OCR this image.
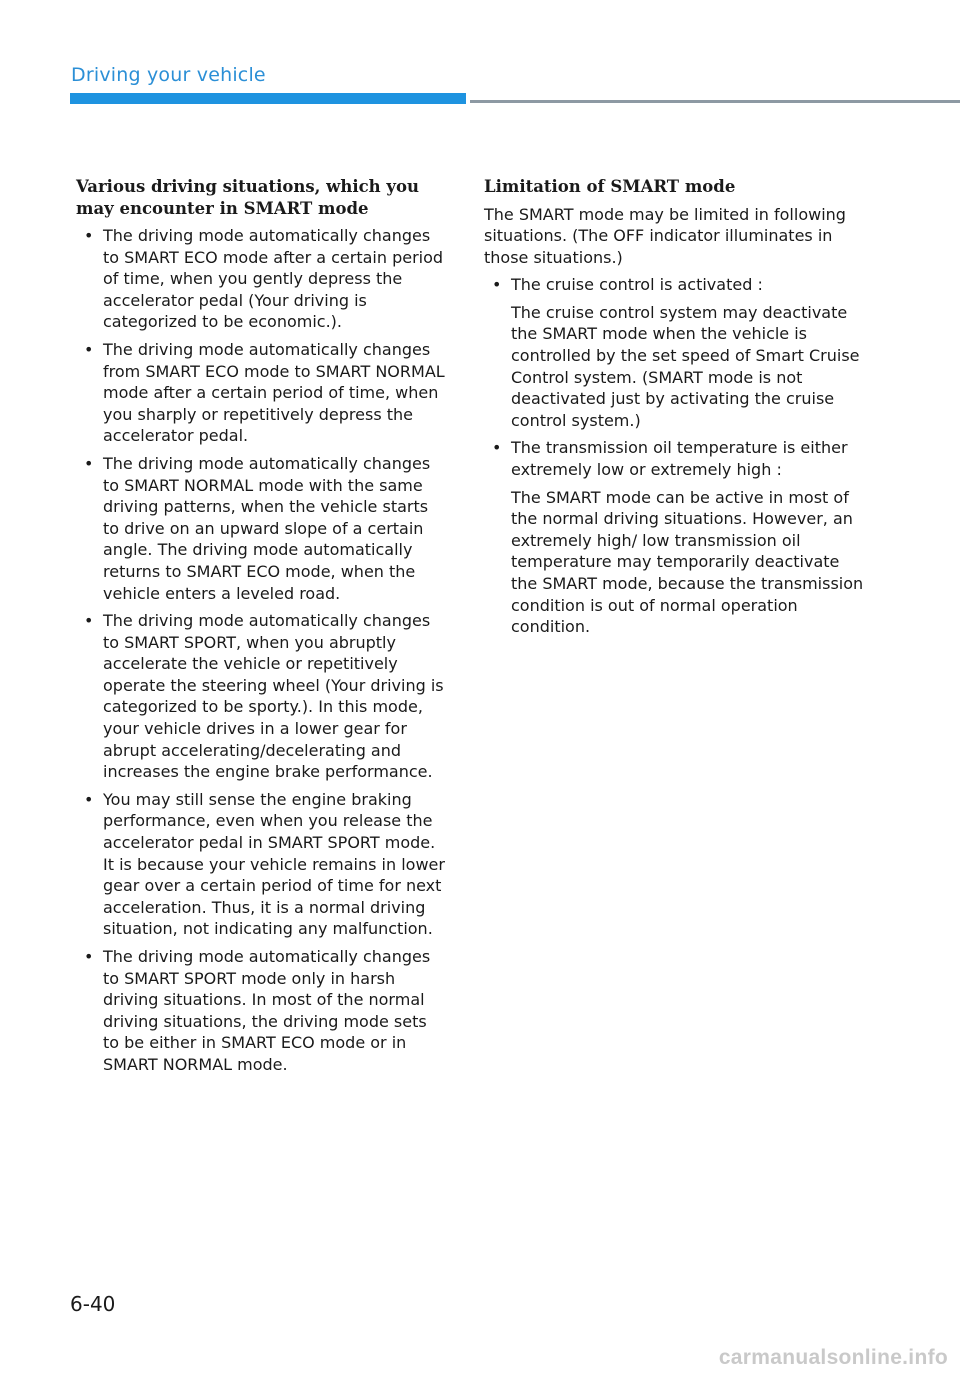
Driving your vehicle
Various driving situations, which you may encounter in SMART mode
• The driving mode automatically changes to SMART ECO mode after a certain period of time, when you gently depress the accelerator pedal (Your driving is categorized to be economic.).
• The driving mode automatically changes from SMART ECO mode to SMART NORMAL mode after a certain period of time, when you sharply or repetitively depress the accelerator pedal.
• The driving mode automatically changes to SMART NORMAL mode with the same driving patterns, when the vehicle starts to drive on an upward slope of a certain angle. The driving mode automatically returns to SMART ECO mode, when the vehicle enters a leveled road.
• The driving mode automatically changes to SMART SPORT, when you abruptly accelerate the vehicle or repetitively operate the steering wheel (Your driving is categorized to be sporty.). In this mode, your vehicle drives in a lower gear for abrupt accelerating/decelerating and increases the engine brake performance.
• You may still sense the engine braking performance, even when you release the accelerator pedal in SMART SPORT mode. It is because your vehicle remains in lower gear over a certain period of time for next acceleration. Thus, it is a normal driving situation, not indicating any malfunction.
• The driving mode automatically changes to SMART SPORT mode only in harsh driving situations. In most of the normal driving situations, the driving mode sets to be either in SMART ECO mode or in SMART NORMAL mode.
Limitation of SMART mode

The SMART mode may be limited in following situations. (The OFF indicator illuminates in those situations.)

• The cruise control is activated :
The cruise control system may deactivate the SMART mode when the vehicle is controlled by the set speed of Smart Cruise Control system. (SMART mode is not deactivated just by activating the cruise control system.)
• The transmission oil temperature is either extremely low or extremely high :
The SMART mode can be active in most of the normal driving situations. However, an extremely high/ low transmission oil temperature may temporarily deactivate the SMART mode, because the transmission condition is out of normal operation condition.
6-40
carmanualsonline.info
